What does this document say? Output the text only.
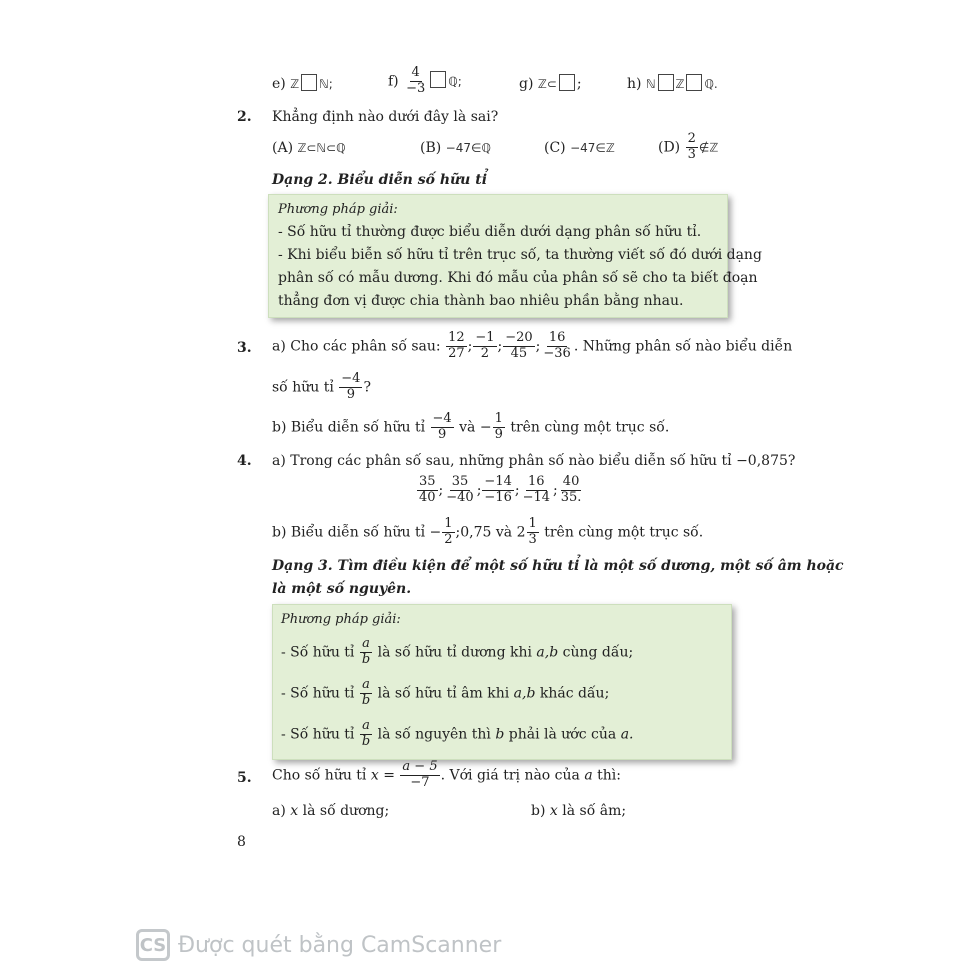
e) ℤ ℕ;	$f) \frac{4}{-3}$ ℚ;	g) ℤ⊂ ;	h) ℕ ℤ ℚ.
2. Khẳng định nào dưới đây là sai?
(A) ℤ⊂ℕ⊂ℚ	(B) −47∈ℚ	(C) −47∈ℤ	$(D) \frac{2}{3}$ ∉ℤ
Dạng 2. Biểu diễn số hữu tỉ
Phương pháp giải:
- Số hữu tỉ thường được biểu diễn dưới dạng phân số hữu tỉ.
- Khi biểu biễn số hữu tỉ trên trục số, ta thường viết số đó dưới dạng
phân số có mẫu dương. Khi đó mẫu của phân số sẽ cho ta biết đoạn
thẳng đơn vị được chia thành bao nhiêu phần bằng nhau.
3. a) Cho các phân số sau: $\frac{12}{27}$ ; $\frac{-1}{2}$ ; $\frac{-20}{45}$ ; $\frac{16}{-36}$ . Những phân số nào biểu diễn
số hữu tỉ $\frac{-4}{9}$ ?
b) Biểu diễn số hữu tỉ $\frac{-4}{9}$ và − $\frac{1}{9}$ trên cùng một trục số.
4. a) Trong các phân số sau, những phân số nào biểu diễn số hữu tỉ −0,875?
$\frac{35}{40}$ ; $\frac{35}{-40}$ ; $\frac{-14}{-16}$ ; $\frac{16}{-14}$ ; $\frac{40}{35.}$
b) Biểu diễn số hữu tỉ − $\frac{1}{2}$ ;0,75 và $2 \frac{1}{3}$ trên cùng một trục số.
Dạng 3. Tìm điều kiện để một số hữu tỉ là một số dương, một số âm hoặc
là một số nguyên.
Phương pháp giải:
- Số hữu tỉ $\frac{a}{b}$ là số hữu tỉ dương khi a,b cùng dấu;
- Số hữu tỉ $\frac{a}{b}$ là số hữu tỉ âm khi a,b khác dấu;
- Số hữu tỉ $\frac{a}{b}$ là số nguyên thì b phải là ước của a.
5. Cho số hữu tỉ $x = \frac{a - 5}{-7}$ . Với giá trị nào của a thì:
a) x là số dương;	b) x là số âm;
8
CS Được quét bằng CamScanner
